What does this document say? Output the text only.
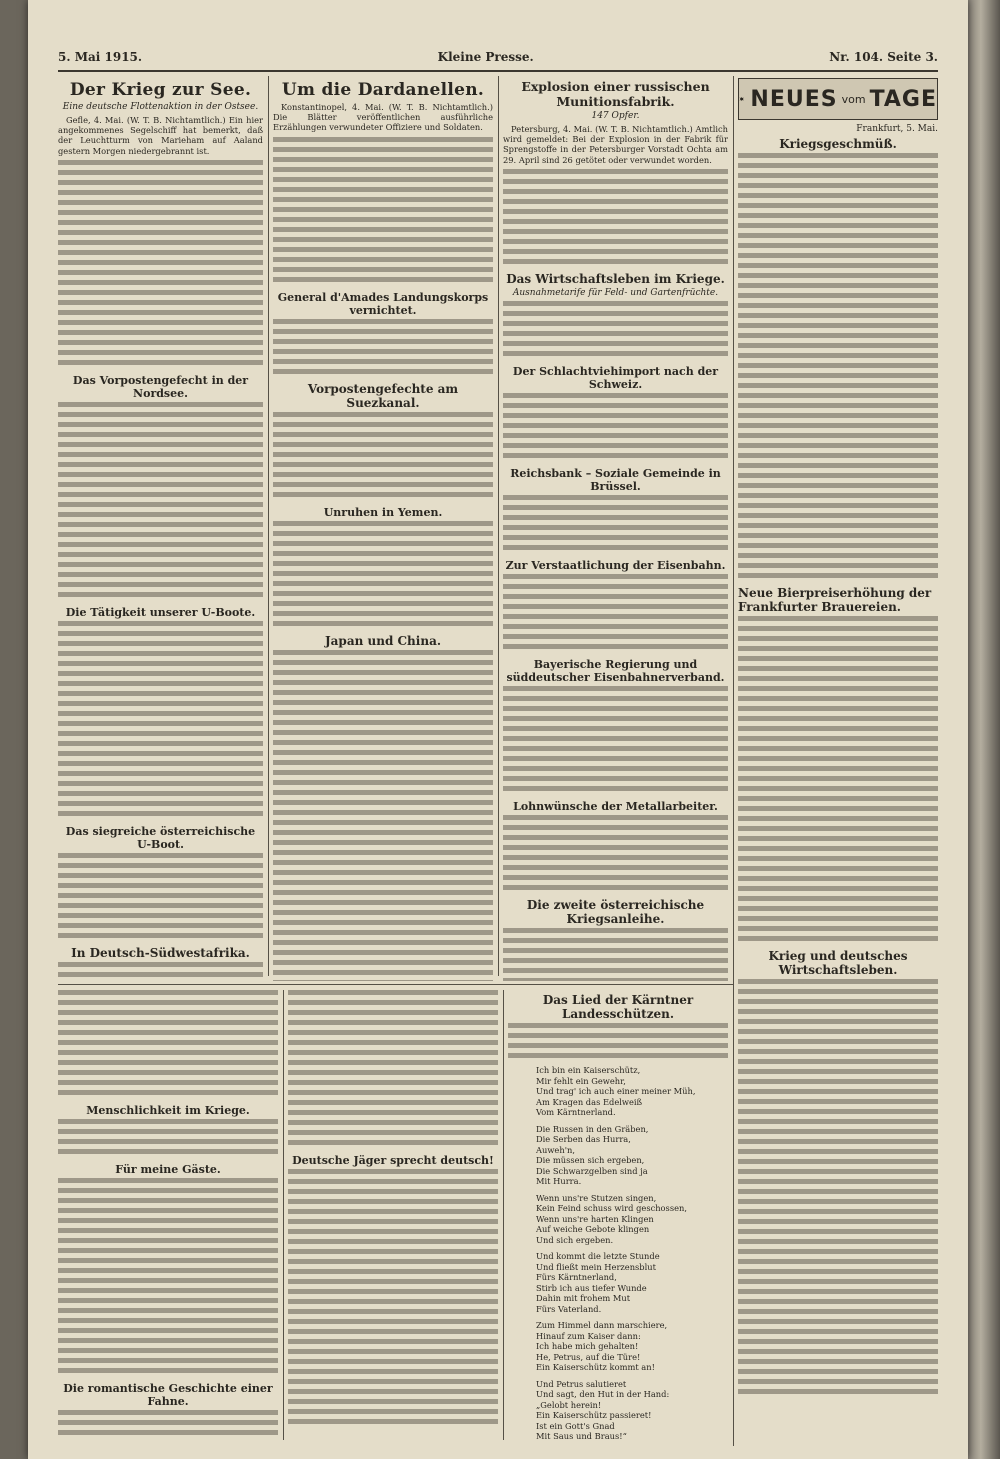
5. Mai 1915.	Kleine Presse.	Nr. 104. Seite 3.
Der Krieg zur See.
Eine deutsche Flottenaktion in der Ostsee.

Gefle, 4. Mai. (W. T. B. Nichtamtlich.) Ein hier angekommenes Segelschiff hat bemerkt, daß der Leuchtturm von Marieham auf Aaland gestern Morgen niedergebrannt ist.

Das Vorpostengefecht in der Nordsee.
Die Tätigkeit unserer U-Boote.
Das siegreiche österreichische U-Boot.
In Deutsch-Südwestafrika.
Um die Dardanellen.

Konstantinopel, 4. Mai. (W. T. B. Nichtamtlich.) Die Blätter veröffentlichen ausführliche Erzählungen verwundeter Offiziere und Soldaten.

General d'Amades Landungskorps vernichtet.
Vorpostengefechte am Suezkanal.
Unruhen in Yemen.
Japan und China.
Explosion einer russischen Munitionsfabrik.
147 Opfer.

Petersburg, 4. Mai. (W. T. B. Nichtamtlich.) Amtlich wird gemeldet: Bei der Explosion in der Fabrik für Sprengstoffe in der Petersburger Vorstadt Ochta am 29. April sind 26 getötet oder verwundet worden.

Das Wirtschaftsleben im Kriege.
Ausnahmetarife für Feld- und Gartenfrüchte.
Der Schlachtviehimport nach der Schweiz.
Reichsbank – Soziale Gemeinde in Brüssel.
Zur Verstaatlichung der Eisenbahn.
Bayerische Regierung und süddeutscher Eisenbahnerverband.
Lohnwünsche der Metallarbeiter.
Die zweite österreichische Kriegsanleihe.
NEUES vom TAGE
Frankfurt, 5. Mai.
Kriegsgeschmüß.
Neue Bierpreiserhöhung der Frankfurter Brauereien.
Krieg und deutsches Wirtschaftsleben.
Menschlichkeit im Kriege.
Für meine Gäste.
Die romantische Geschichte einer Fahne.
Deutsche Jäger sprecht deutsch!
Das Lied der Kärntner Landesschützen.
Ich bin ein Kaiserschütz,
Mir fehlt ein Gewehr,
Und trag' ich auch einer meiner Müh,
Am Kragen das Edelweiß
Vom Kärntnerland.
Die Russen in den Gräben,
Die Serben das Hurra,
Auweh'n,
Die müssen sich ergeben,
Die Schwarzgelben sind ja
Mit Hurra.
Wenn uns're Stutzen singen,
Kein Feind schuss wird geschossen,
Wenn uns're harten Klingen
Auf weiche Gebote klingen
Und sich ergeben.
Und kommt die letzte Stunde
Und fließt mein Herzensblut
Fürs Kärntnerland,
Stirb ich aus tiefer Wunde
Dahin mit frohem Mut
Fürs Vaterland.
Zum Himmel dann marschiere,
Hinauf zum Kaiser dann:
Ich habe mich gehalten!
He, Petrus, auf die Türe!
Ein Kaiserschütz kommt an!
Und Petrus salutieret
Und sagt, den Hut in der Hand:
„Gelobt herein!
Ein Kaiserschütz passieret!
Ist ein Gott's Gnad
Mit Saus und Braus!“
